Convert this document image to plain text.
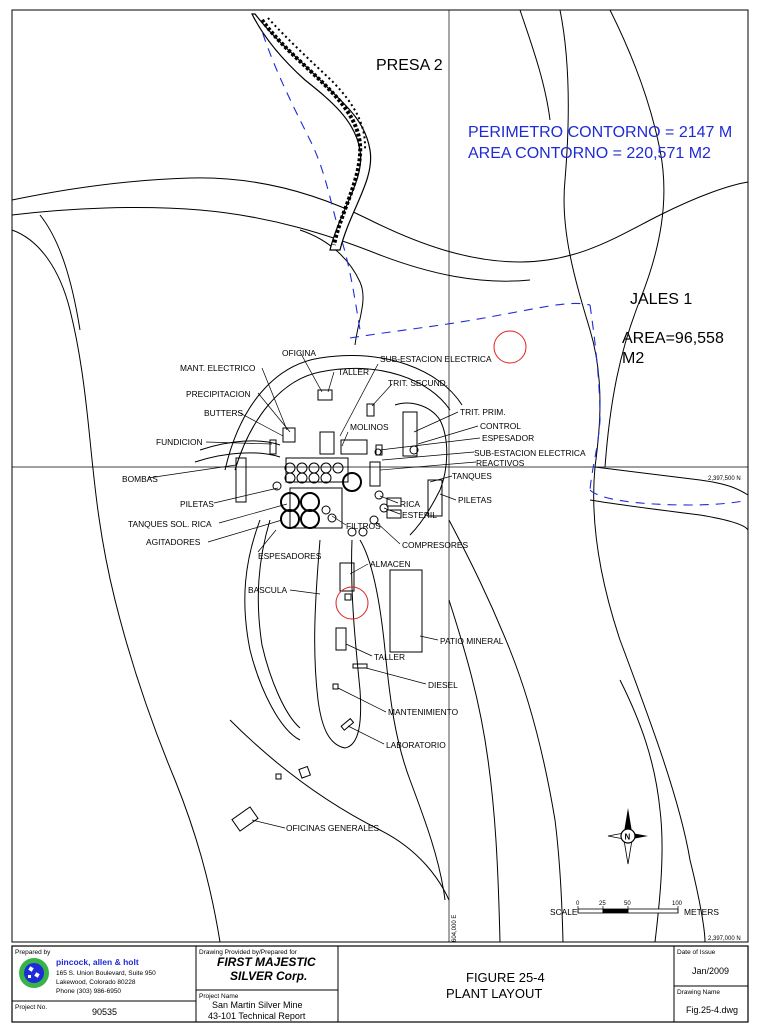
PRESA 2
PERIMETRO CONTORNO = 2147 M
AREA CONTORNO = 220,571 M2
JALES 1
AREA=96,558
M2
2,397,500 N
2,397,000 N
604,000 E
OFICINA
MANT. ELECTRICO	TALLER
SUB-ESTACION ELECTRICA
PRECIPITACION
TRIT. SECUND.
BUTTERS	TRIT. PRIM.
CONTROL
MOLINOS
FUNDICION	ESPESADOR
SUB-ESTACION ELECTRICA
REACTIVOS
BOMBAS	TANQUES
PILETAS	PILETAS
RICA
ESTERIL
TANQUES SOL. RICA	FILTROS
AGITADORES	COMPRESORES
ESPESADORES
ALMACEN
BASCULA
PATIO MINERAL
TALLER
DIESEL
MANTENIMIENTO
LABORATORIO
OFICINAS GENERALES
N
SCALE
0	25	50	100
METERS
Prepared by
pincock, allen & holt
165 S. Union Boulevard, Suite 950
Lakewood, Colorado 80228
Phone (303) 986-6950
Project No.	90535
Drawing Provided by/Prepared for
FIRST MAJESTIC
SILVER Corp.
Project Name
San Martin Silver Mine
43-101 Technical Report
FIGURE 25-4
PLANT LAYOUT
Date of Issue
Jan/2009
Drawing Name
Fig.25-4.dwg
